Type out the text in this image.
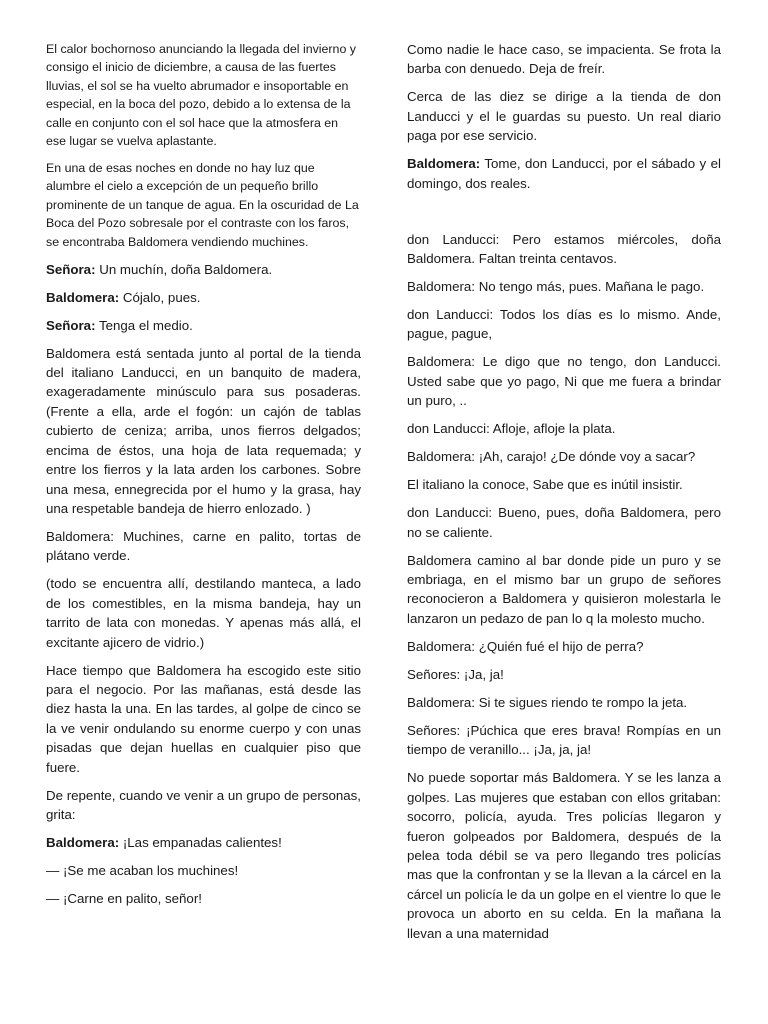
El calor bochornoso anunciando la llegada del invierno y consigo el inicio de diciembre, a causa de las fuertes lluvias, el sol se ha vuelto abrumador e insoportable en especial, en la boca del pozo, debido a lo extensa de la calle en conjunto con el sol hace que la atmosfera en ese lugar se vuelva aplastante.

En una de esas noches en donde no hay luz que alumbre el cielo a excepción de un pequeño brillo prominente de un tanque de agua. En la oscuridad de La Boca del Pozo sobresale por el contraste con los faros, se encontraba Baldomera vendiendo muchines.

Señora: Un muchín, doña Baldomera.

Baldomera: Cójalo, pues.

Señora: Tenga el medio.

Baldomera está sentada junto al portal de la tienda del italiano Landucci, en un banquito de madera, exageradamente minúsculo para sus posaderas. (Frente a ella, arde el fogón: un cajón de tablas cubierto de ceniza; arriba, unos fierros delgados; encima de éstos, una hoja de lata requemada; y entre los fierros y la lata arden los carbones. Sobre una mesa, ennegrecida por el humo y la grasa, hay una respetable bandeja de hierro enlozado. )

Baldomera: Muchines, carne en palito, tortas de plátano verde.

(todo se encuentra allí, destilando manteca, a lado de los comestibles, en la misma bandeja, hay un tarrito de lata con monedas. Y apenas más allá, el excitante ajicero de vidrio.)

Hace tiempo que Baldomera ha escogido este sitio para el negocio. Por las mañanas, está desde las diez hasta la una. En las tardes, al golpe de cinco se la ve venir ondulando su enorme cuerpo y con unas pisadas que dejan huellas en cualquier piso que fuere.

De repente, cuando ve venir a un grupo de personas, grita:

Baldomera: ¡Las empanadas calientes!

— ¡Se me acaban los muchines!

— ¡Carne en palito, señor!

Como nadie le hace caso, se impacienta. Se frota la barba con denuedo. Deja de freír.

Cerca de las diez se dirige a la tienda de don Landucci y el le guardas su puesto. Un real diario paga por ese servicio.

Baldomera: Tome, don Landucci, por el sábado y el domingo, dos reales.

don Landucci: Pero estamos miércoles, doña Baldomera. Faltan treinta centavos.

Baldomera: No tengo más, pues. Mañana le pago.

don Landucci: Todos los días es lo mismo. Ande, pague, pague,

Baldomera: Le digo que no tengo, don Landucci. Usted sabe que yo pago, Ni que me fuera a brindar un puro, ..

don Landucci: Afloje, afloje la plata.

Baldomera: ¡Ah, carajo! ¿De dónde voy a sacar?

El italiano la conoce, Sabe que es inútil insistir.

don Landucci: Bueno, pues, doña Baldomera, pero no se caliente.

Baldomera camino al bar donde pide un puro y se embriaga, en el mismo bar un grupo de señores reconocieron a Baldomera y quisieron molestarla le lanzaron un pedazo de pan lo q la molesto mucho.

Baldomera: ¿Quién fué el hijo de perra?

Señores: ¡Ja, ja!

Baldomera: Si te sigues riendo te rompo la jeta.

Señores: ¡Púchica que eres brava! Rompías en un tiempo de veranillo... ¡Ja, ja, ja!

No puede soportar más Baldomera. Y se les lanza a golpes. Las mujeres que estaban con ellos gritaban: socorro, policía, ayuda. Tres policías llegaron y fueron golpeados por Baldomera, después de la pelea toda débil se va pero llegando tres policías mas que la confrontan y se la llevan a la cárcel en la cárcel un policía le da un golpe en el vientre lo que le provoca un aborto en su celda. En la mañana la llevan a una maternidad
